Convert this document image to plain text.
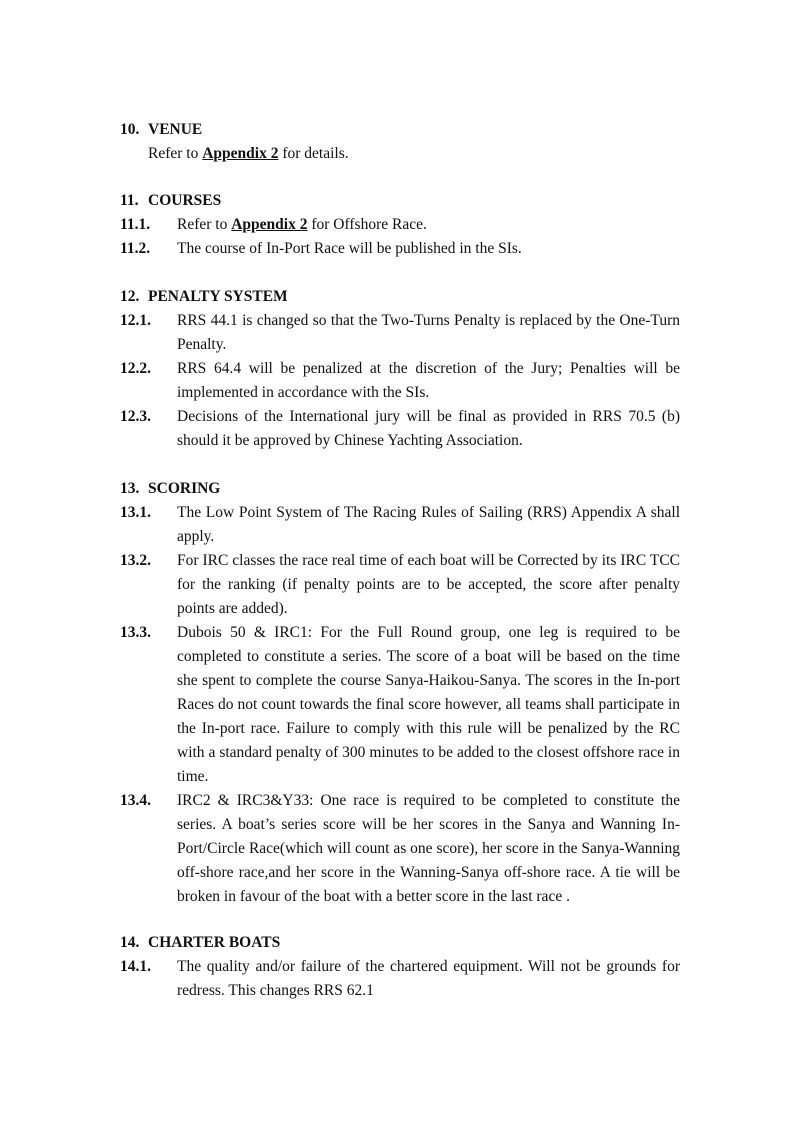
10. VENUE
Refer to Appendix 2 for details.
11. COURSES
11.1. Refer to Appendix 2 for Offshore Race.
11.2. The course of In-Port Race will be published in the SIs.
12. PENALTY SYSTEM
12.1. RRS 44.1 is changed so that the Two-Turns Penalty is replaced by the One-Turn Penalty.
12.2. RRS 64.4 will be penalized at the discretion of the Jury; Penalties will be implemented in accordance with the SIs.
12.3. Decisions of the International jury will be final as provided in RRS 70.5 (b) should it be approved by Chinese Yachting Association.
13. SCORING
13.1. The Low Point System of The Racing Rules of Sailing (RRS) Appendix A shall apply.
13.2. For IRC classes the race real time of each boat will be Corrected by its IRC TCC for the ranking (if penalty points are to be accepted, the score after penalty points are added).
13.3. Dubois 50 & IRC1: For the Full Round group, one leg is required to be completed to constitute a series. The score of a boat will be based on the time she spent to complete the course Sanya-Haikou-Sanya. The scores in the In-port Races do not count towards the final score however, all teams shall participate in the In-port race. Failure to comply with this rule will be penalized by the RC with a standard penalty of 300 minutes to be added to the closest offshore race in time.
13.4. IRC2 & IRC3&Y33: One race is required to be completed to constitute the series. A boat’s series score will be her scores in the Sanya and Wanning In-Port/Circle Race(which will count as one score), her score in the Sanya-Wanning off-shore race,and her score in the Wanning-Sanya off-shore race. A tie will be broken in favour of the boat with a better score in the last race .
14. CHARTER BOATS
14.1. The quality and/or failure of the chartered equipment. Will not be grounds for redress. This changes RRS 62.1
